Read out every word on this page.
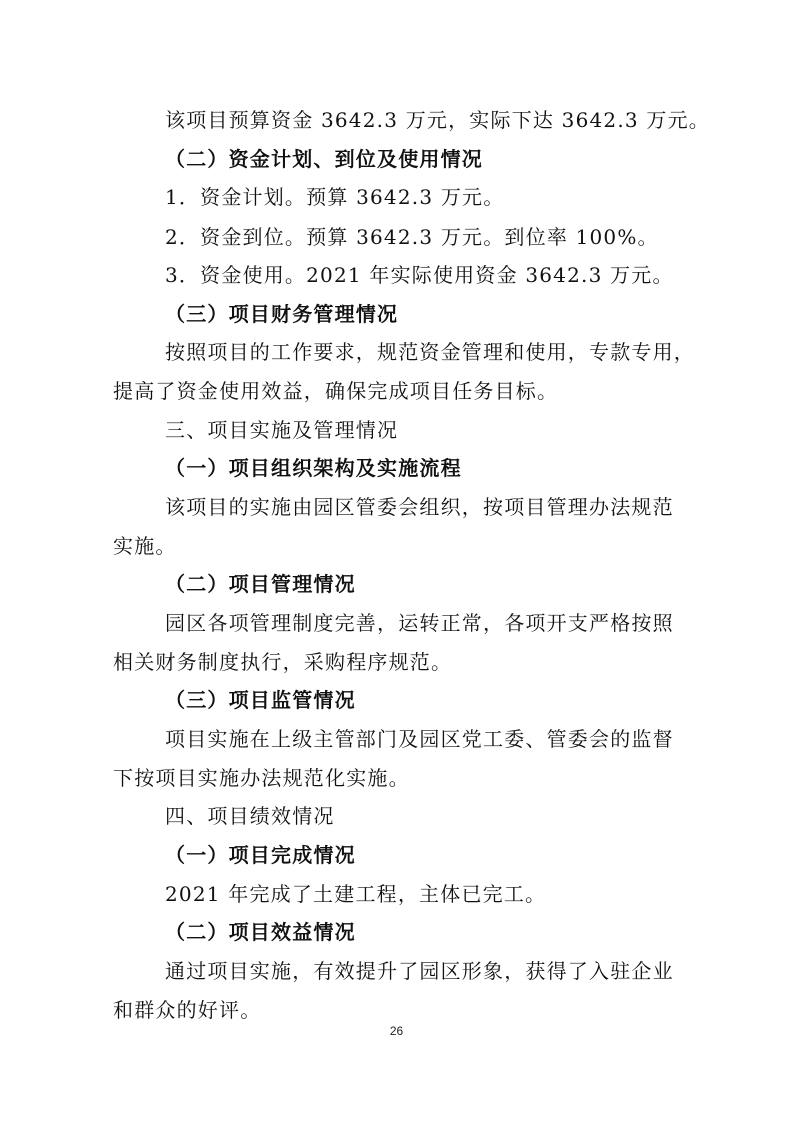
该项目预算资金 3642.3 万元，实际下达 3642.3 万元。
（二）资金计划、到位及使用情况
1．资金计划。预算 3642.3 万元。
2．资金到位。预算 3642.3 万元。到位率 100%。
3．资金使用。2021 年实际使用资金 3642.3 万元。
（三）项目财务管理情况
按照项目的工作要求，规范资金管理和使用，专款专用，
提高了资金使用效益，确保完成项目任务目标。
三、项目实施及管理情况
（一）项目组织架构及实施流程
该项目的实施由园区管委会组织，按项目管理办法规范
实施。
（二）项目管理情况
园区各项管理制度完善，运转正常，各项开支严格按照
相关财务制度执行，采购程序规范。
（三）项目监管情况
项目实施在上级主管部门及园区党工委、管委会的监督
下按项目实施办法规范化实施。
四、项目绩效情况
（一）项目完成情况
2021 年完成了土建工程，主体已完工。
（二）项目效益情况
通过项目实施，有效提升了园区形象，获得了入驻企业
和群众的好评。
26
